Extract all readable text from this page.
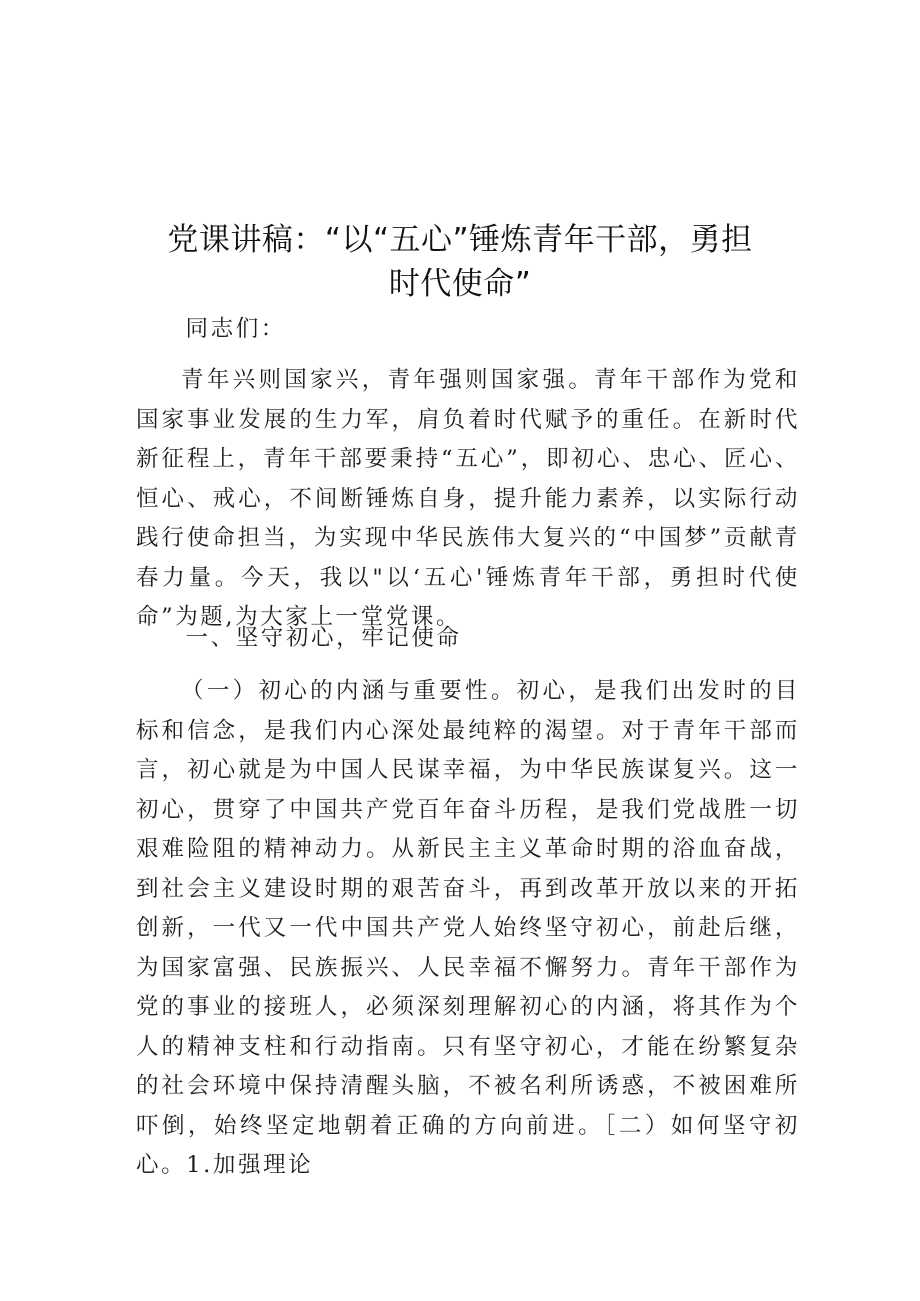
党课讲稿：“以“五心”锤炼青年干部，勇担
时代使命”
同志们：
青年兴则国家兴，青年强则国家强。青年干部作为党和国家事业发展的生力军，肩负着时代赋予的重任。在新时代新征程上，青年干部要秉持“五心”，即初心、忠心、匠心、恒心、戒心，不间断锤炼自身，提升能力素养，以实际行动践行使命担当，为实现中华民族伟大复兴的“中国梦”贡献青春力量。今天，我以"以‘五心'锤炼青年干部，勇担时代使命”为题,为大家上一堂党课。
一、坚守初心，牢记使命
（一）初心的内涵与重要性。初心，是我们出发时的目标和信念，是我们内心深处最纯粹的渴望。对于青年干部而言，初心就是为中国人民谋幸福，为中华民族谋复兴。这一初心，贯穿了中国共产党百年奋斗历程，是我们党战胜一切艰难险阻的精神动力。从新民主主义革命时期的浴血奋战，到社会主义建设时期的艰苦奋斗，再到改革开放以来的开拓创新，一代又一代中国共产党人始终坚守初心，前赴后继，为国家富强、民族振兴、人民幸福不懈努力。青年干部作为党的事业的接班人，必须深刻理解初心的内涵，将其作为个人的精神支柱和行动指南。只有坚守初心，才能在纷繁复杂的社会环境中保持清醒头脑，不被名利所诱惑，不被困难所吓倒，始终坚定地朝着正确的方向前进。［二）如何坚守初心。1.加强理论
